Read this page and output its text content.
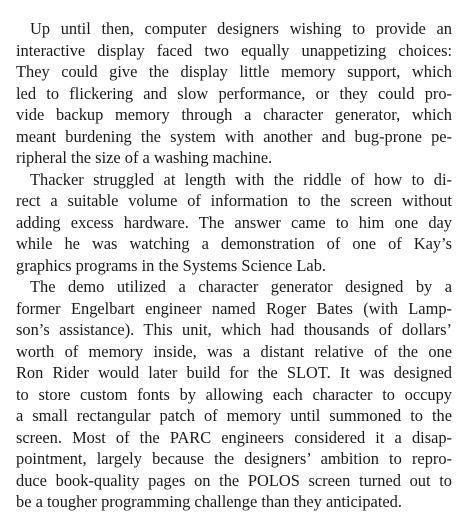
Up until then, computer designers wishing to provide an
interactive display faced two equally unappetizing choices:
They could give the display little memory support, which
led to flickering and slow performance, or they could pro-
vide backup memory through a character generator, which
meant burdening the system with another and bug-prone pe-
ripheral the size of a washing machine.
Thacker struggled at length with the riddle of how to di-
rect a suitable volume of information to the screen without
adding excess hardware. The answer came to him one day
while he was watching a demonstration of one of Kay’s
graphics programs in the Systems Science Lab.
The demo utilized a character generator designed by a
former Engelbart engineer named Roger Bates (with Lamp-
son’s assistance). This unit, which had thousands of dollars’
worth of memory inside, was a distant relative of the one
Ron Rider would later build for the SLOT. It was designed
to store custom fonts by allowing each character to occupy
a small rectangular patch of memory until summoned to the
screen. Most of the PARC engineers considered it a disap-
pointment, largely because the designers’ ambition to repro-
duce book-quality pages on the POLOS screen turned out to
be a tougher programming challenge than they anticipated.
